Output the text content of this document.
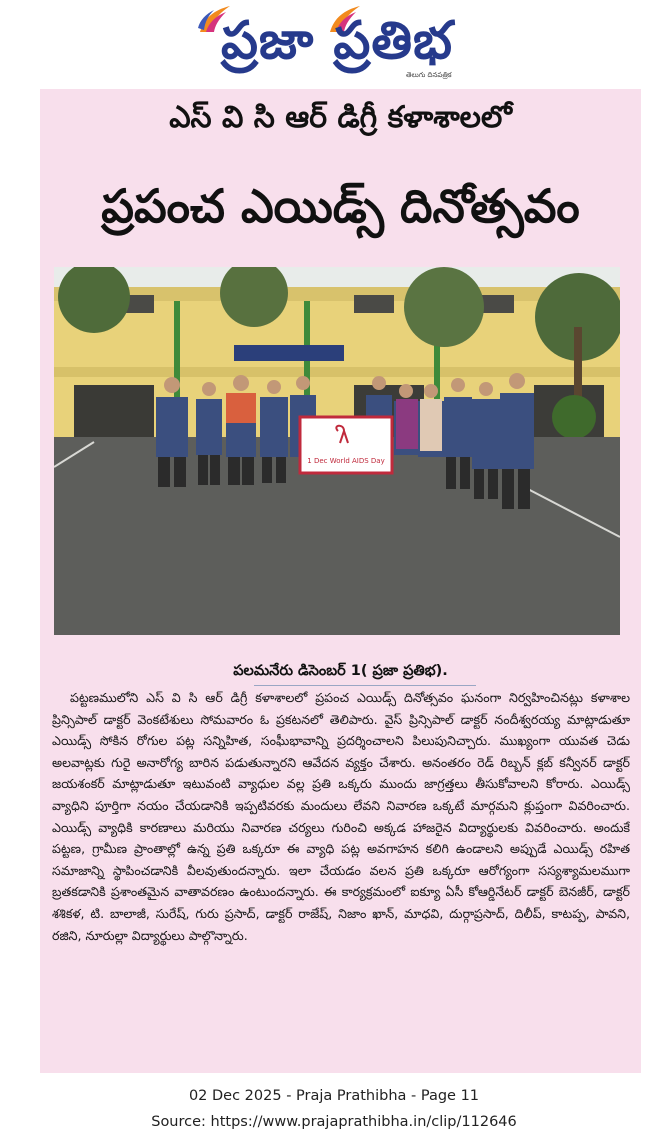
ప్రజా ప్రతిభ
తెలుగు దినపత్రిక
ఎస్ వి సి ఆర్ డిగ్రీ కళాశాలలో
ప్రపంచ ఎయిడ్స్ దినోత్సవం
1 Dec World AIDS Day
పలమనేరు డిసెంబర్ 1( ప్రజా ప్రతిభ).
పట్టణములోని ఎస్ వి సి ఆర్ డిగ్రీ కళాశాలలో ప్రపంచ ఎయిడ్స్ దినోత్సవం ఘనంగా నిర్వహించినట్లు కళాశాల ప్రిన్సిపాల్ డాక్టర్ వెంకటేశులు సోమవారం ఓ ప్రకటనలో తెలిపారు. వైస్ ప్రిన్సిపాల్ డాక్టర్ నందీశ్వరయ్య మాట్లాడుతూ ఎయిడ్స్ సోకిన రోగుల పట్ల సన్నిహిత, సంఘీభావాన్ని ప్రదర్శించాలని పిలుపునిచ్చారు. ముఖ్యంగా యువత చెడు అలవాట్లకు గురై అనారోగ్య బారిన పడుతున్నారని ఆవేదన వ్యక్తం చేశారు. అనంతరం రెడ్ రిబ్బన్ క్లబ్ కన్వీనర్ డాక్టర్ జయశంకర్ మాట్లాడుతూ ఇటువంటి వ్యాధుల వల్ల ప్రతి ఒక్కరు ముందు జాగ్రత్తలు తీసుకోవాలని కోరారు. ఎయిడ్స్ వ్యాధిని పూర్తిగా నయం చేయడానికి ఇప్పటివరకు మందులు లేవని నివారణ ఒక్కటే మార్గమని క్లుప్తంగా వివరించారు. ఎయిడ్స్ వ్యాధికి కారణాలు మరియు నివారణ చర్యలు గురించి అక్కడ హాజరైన విద్యార్థులకు వివరించారు. అందుకే పట్టణ, గ్రామీణ ప్రాంతాల్లో ఉన్న ప్రతి ఒక్కరూ ఈ వ్యాధి పట్ల అవగాహన కలిగి ఉండాలని అప్పుడే ఎయిడ్స్ రహిత సమాజాన్ని స్థాపించడానికి వీలవుతుందన్నారు. ఇలా చేయడం వలన ప్రతి ఒక్కరూ ఆరోగ్యంగా సస్యశ్యామలముగా బ్రతకడానికి ప్రశాంతమైన వాతావరణం ఉంటుందన్నారు. ఈ కార్యక్రమంలో ఐక్యూ ఏసీ కోఆర్డినేటర్ డాక్టర్ బెనజీర్, డాక్టర్ శశికళ, టి. బాలాజీ, సురేష్, గురు ప్రసాద్, డాక్టర్ రాజేష్, నిజాం ఖాన్, మాధవి, దుర్గాప్రసాద్, దిలీప్, కాటప్ప, పావని, రజిని, నూరుల్లా విద్యార్థులు పాల్గొన్నారు.
02 Dec 2025 - Praja Prathibha - Page 11
Source: https://www.prajaprathibha.in/clip/112646
